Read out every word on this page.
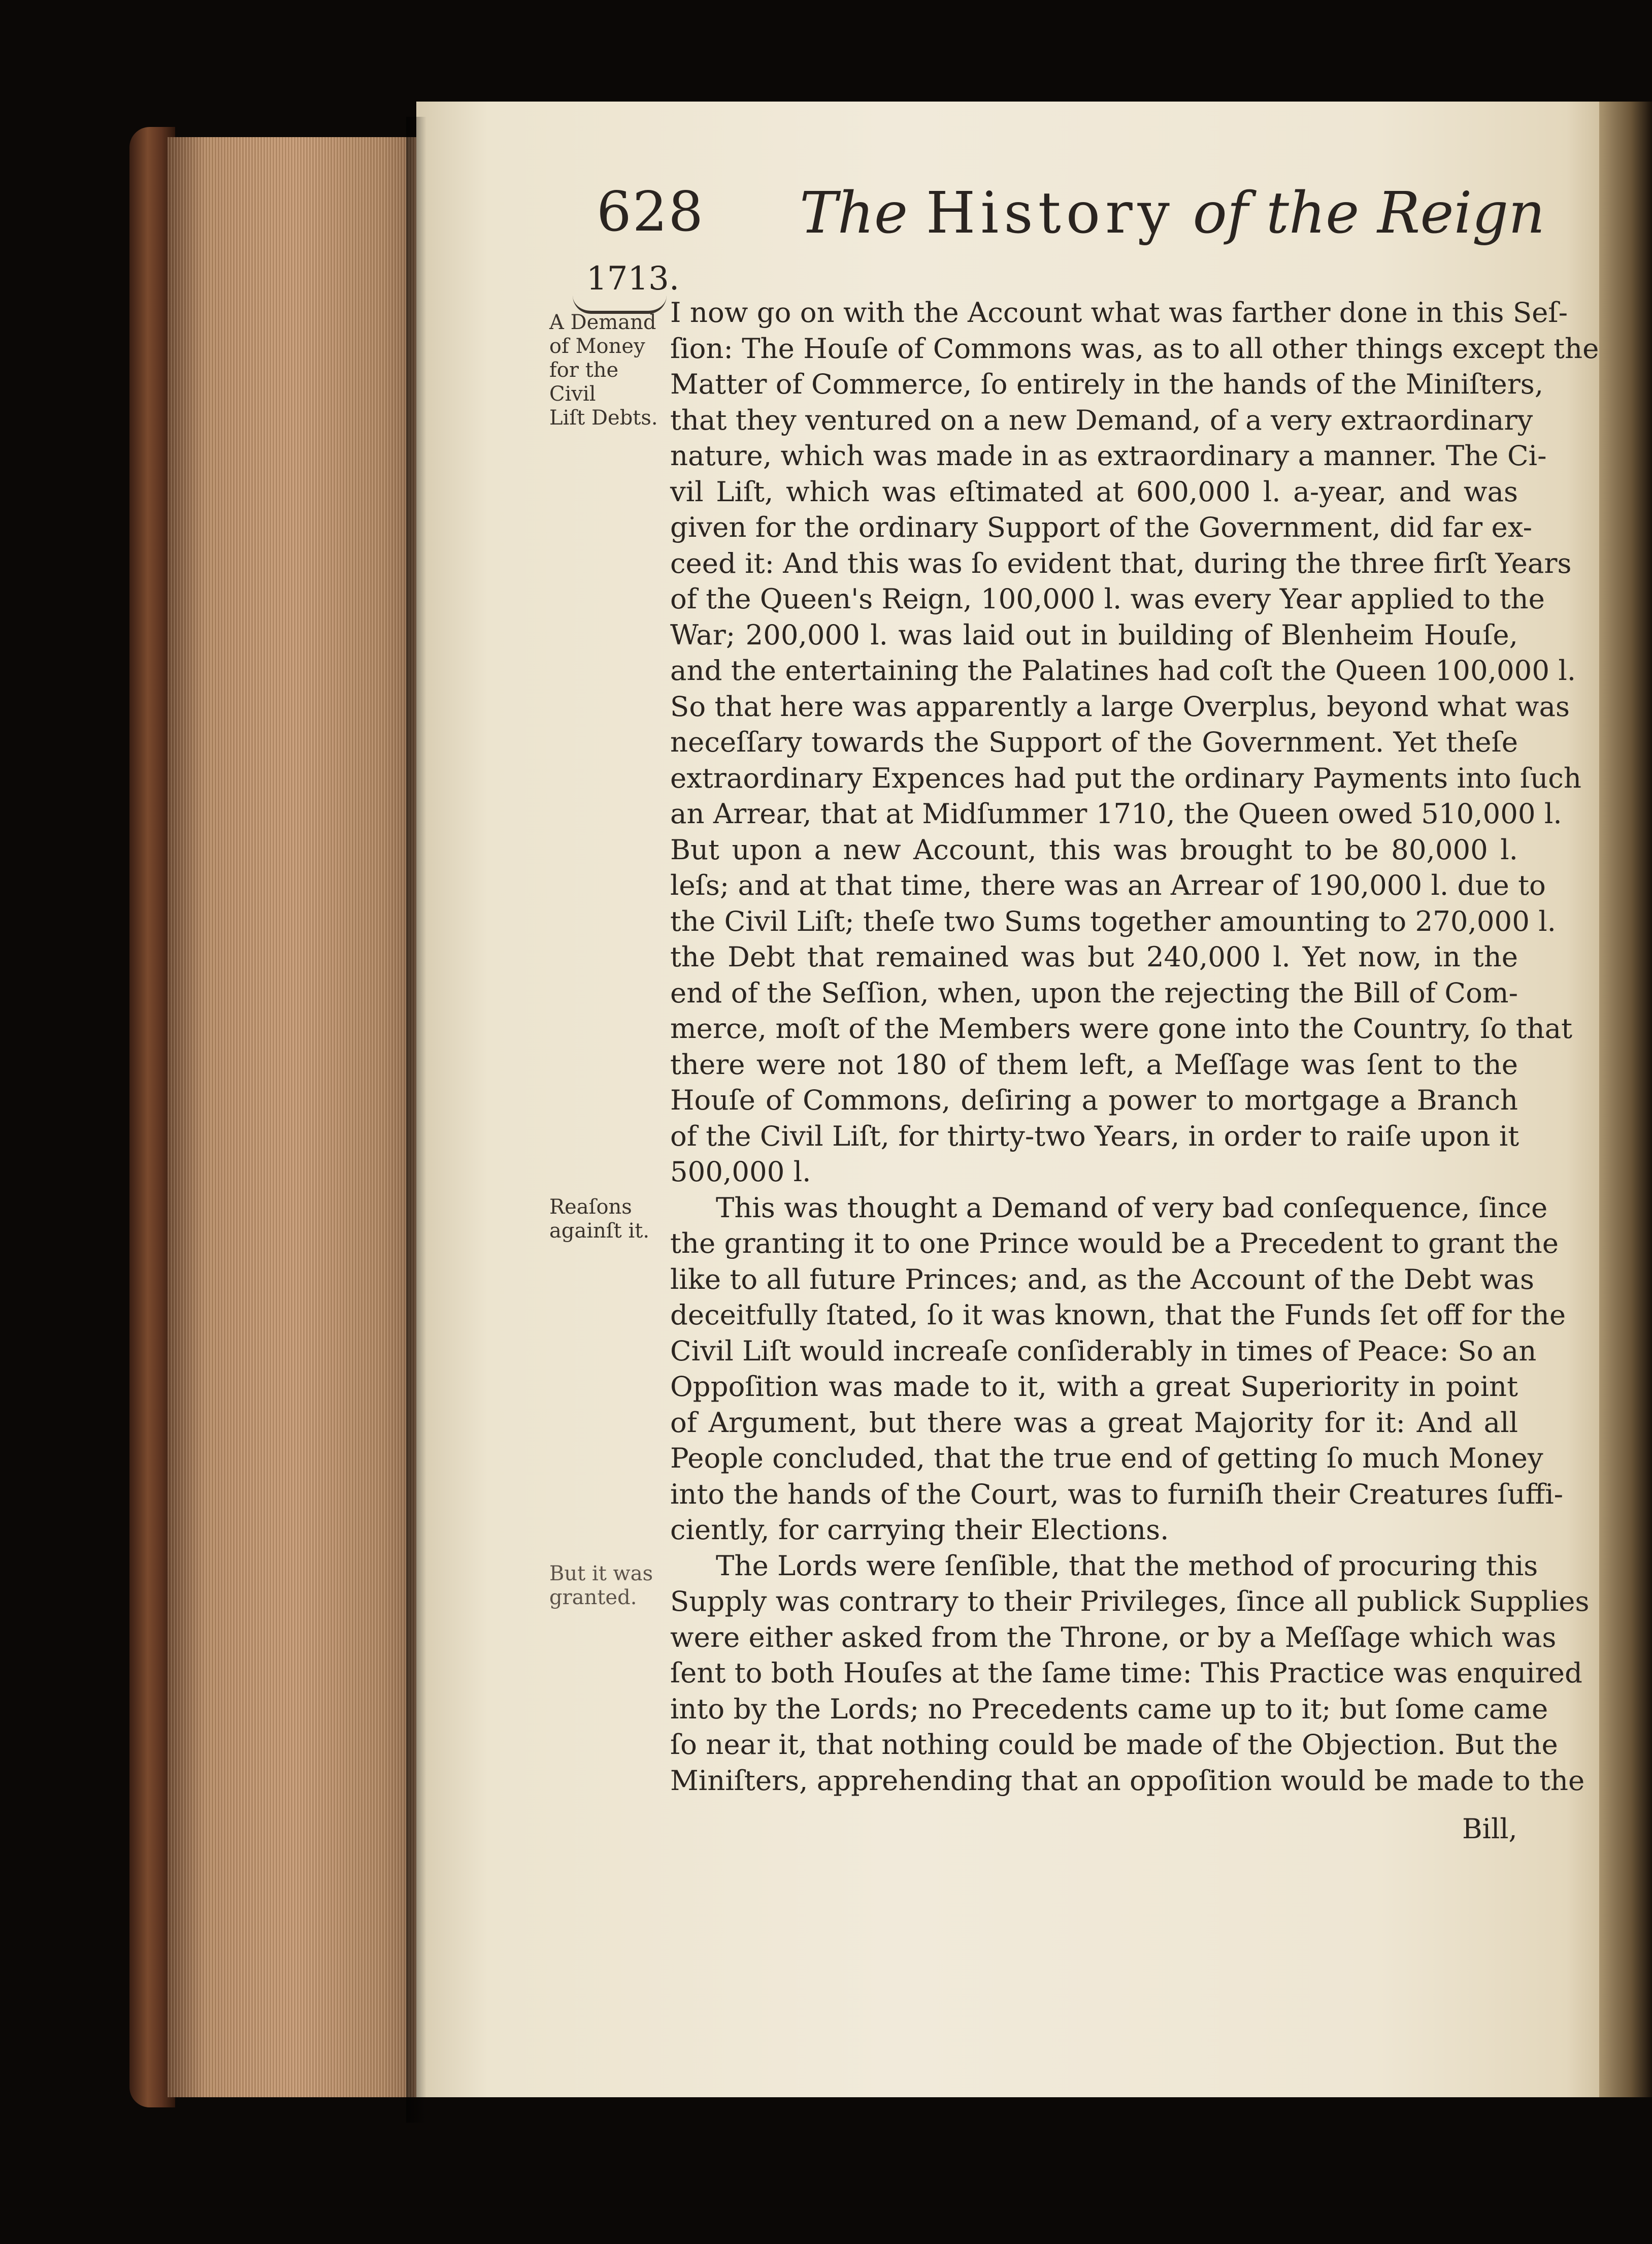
628 The History of the Reign
1713.
A Demand
of Money
for the Civil
Liſt Debts.
Reaſons
againſt it.
But it was
granted.
I now go on with the Account what was farther done in this Seſ-
ſion: The Houſe of Commons was, as to all other things except the
Matter of Commerce, ſo entirely in the hands of the Miniſters,
that they ventured on a new Demand, of a very extraordinary
nature, which was made in as extraordinary a manner. The Ci-
vil Liſt, which was eſtimated at 600,000 l. a-year, and was
given for the ordinary Support of the Government, did far ex-
ceed it: And this was ſo evident that, during the three firſt Years
of the Queen's Reign, 100,000 l. was every Year applied to the
War; 200,000 l. was laid out in building of Blenheim Houſe,
and the entertaining the Palatines had coſt the Queen 100,000 l.
So that here was apparently a large Overplus, beyond what was
neceſſary towards the Support of the Government. Yet theſe
extraordinary Expences had put the ordinary Payments into ſuch
an Arrear, that at Midſummer 1710, the Queen owed 510,000 l.
But upon a new Account, this was brought to be 80,000 l.
leſs; and at that time, there was an Arrear of 190,000 l. due to
the Civil Liſt; theſe two Sums together amounting to 270,000 l.
the Debt that remained was but 240,000 l. Yet now, in the
end of the Seſſion, when, upon the rejecting the Bill of Com-
merce, moſt of the Members were gone into the Country, ſo that
there were not 180 of them left, a Meſſage was ſent to the
Houſe of Commons, deſiring a power to mortgage a Branch
of the Civil Liſt, for thirty-two Years, in order to raiſe upon it
500,000 l.
This was thought a Demand of very bad conſequence, ſince
the granting it to one Prince would be a Precedent to grant the
like to all future Princes; and, as the Account of the Debt was
deceitfully ſtated, ſo it was known, that the Funds ſet off for the
Civil Liſt would increaſe conſiderably in times of Peace: So an
Oppoſition was made to it, with a great Superiority in point
of Argument, but there was a great Majority for it: And all
People concluded, that the true end of getting ſo much Money
into the hands of the Court, was to furniſh their Creatures ſuffi-
ciently, for carrying their Elections.
The Lords were ſenſible, that the method of procuring this
Supply was contrary to their Privileges, ſince all publick Supplies
were either asked from the Throne, or by a Meſſage which was
ſent to both Houſes at the ſame time: This Practice was enquired
into by the Lords; no Precedents came up to it; but ſome came
ſo near it, that nothing could be made of the Objection. But the
Miniſters, apprehending that an oppoſition would be made to the
Bill,
